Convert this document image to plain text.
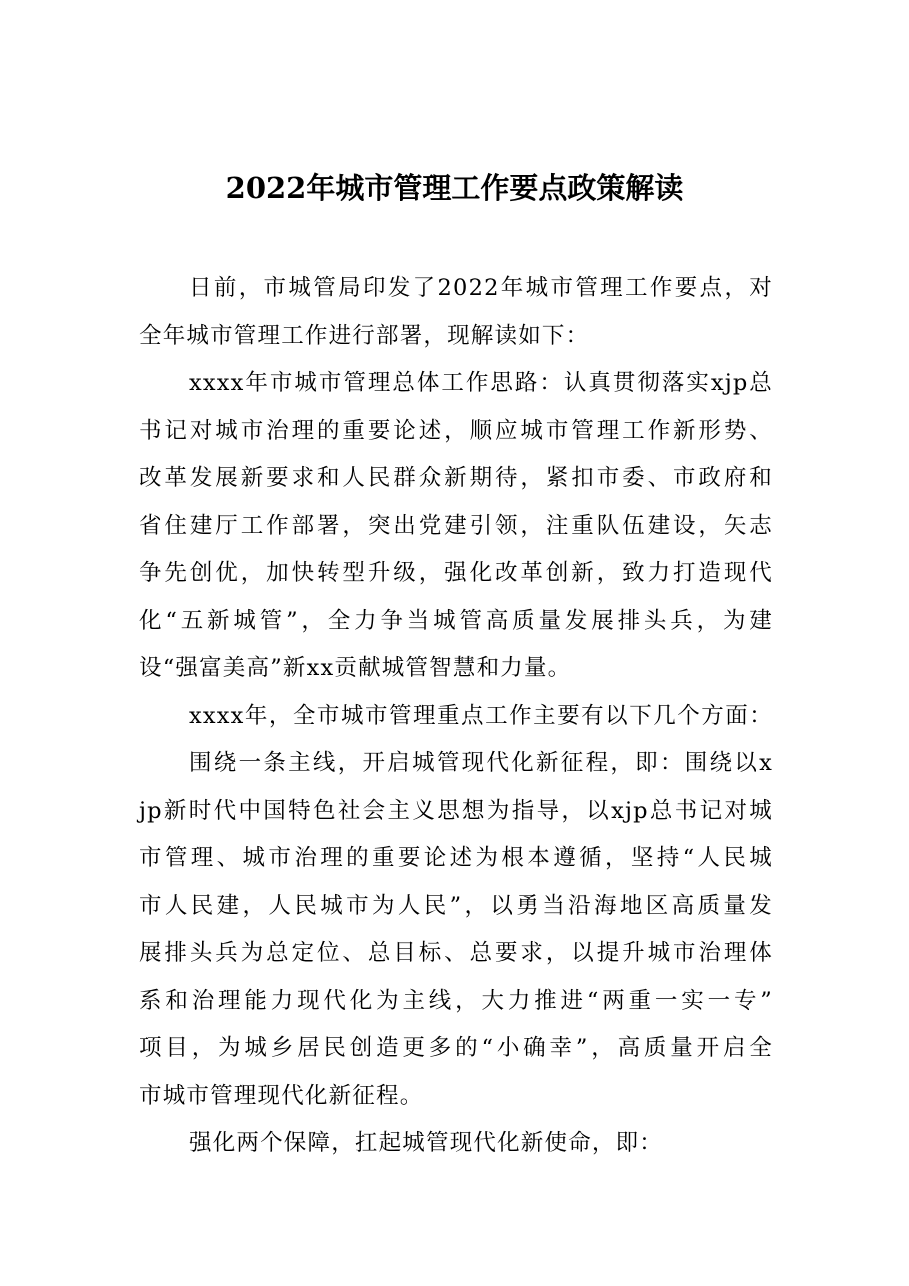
2022年城市管理工作要点政策解读
日前，市城管局印发了2022年城市管理工作要点，对
全年城市管理工作进行部署，现解读如下：
xxxx年市城市管理总体工作思路：认真贯彻落实xjp总
书记对城市治理的重要论述，顺应城市管理工作新形势、
改革发展新要求和人民群众新期待，紧扣市委、市政府和
省住建厅工作部署，突出党建引领，注重队伍建设，矢志
争先创优，加快转型升级，强化改革创新，致力打造现代
化“五新城管”，全力争当城管高质量发展排头兵，为建
设“强富美高”新xx贡献城管智慧和力量。
xxxx年，全市城市管理重点工作主要有以下几个方面：
围绕一条主线，开启城管现代化新征程，即：围绕以x
jp新时代中国特色社会主义思想为指导，以xjp总书记对城
市管理、城市治理的重要论述为根本遵循，坚持“人民城
市人民建，人民城市为人民”，以勇当沿海地区高质量发
展排头兵为总定位、总目标、总要求，以提升城市治理体
系和治理能力现代化为主线，大力推进“两重一实一专”
项目，为城乡居民创造更多的“小确幸”，高质量开启全
市城市管理现代化新征程。
强化两个保障，扛起城管现代化新使命，即：
